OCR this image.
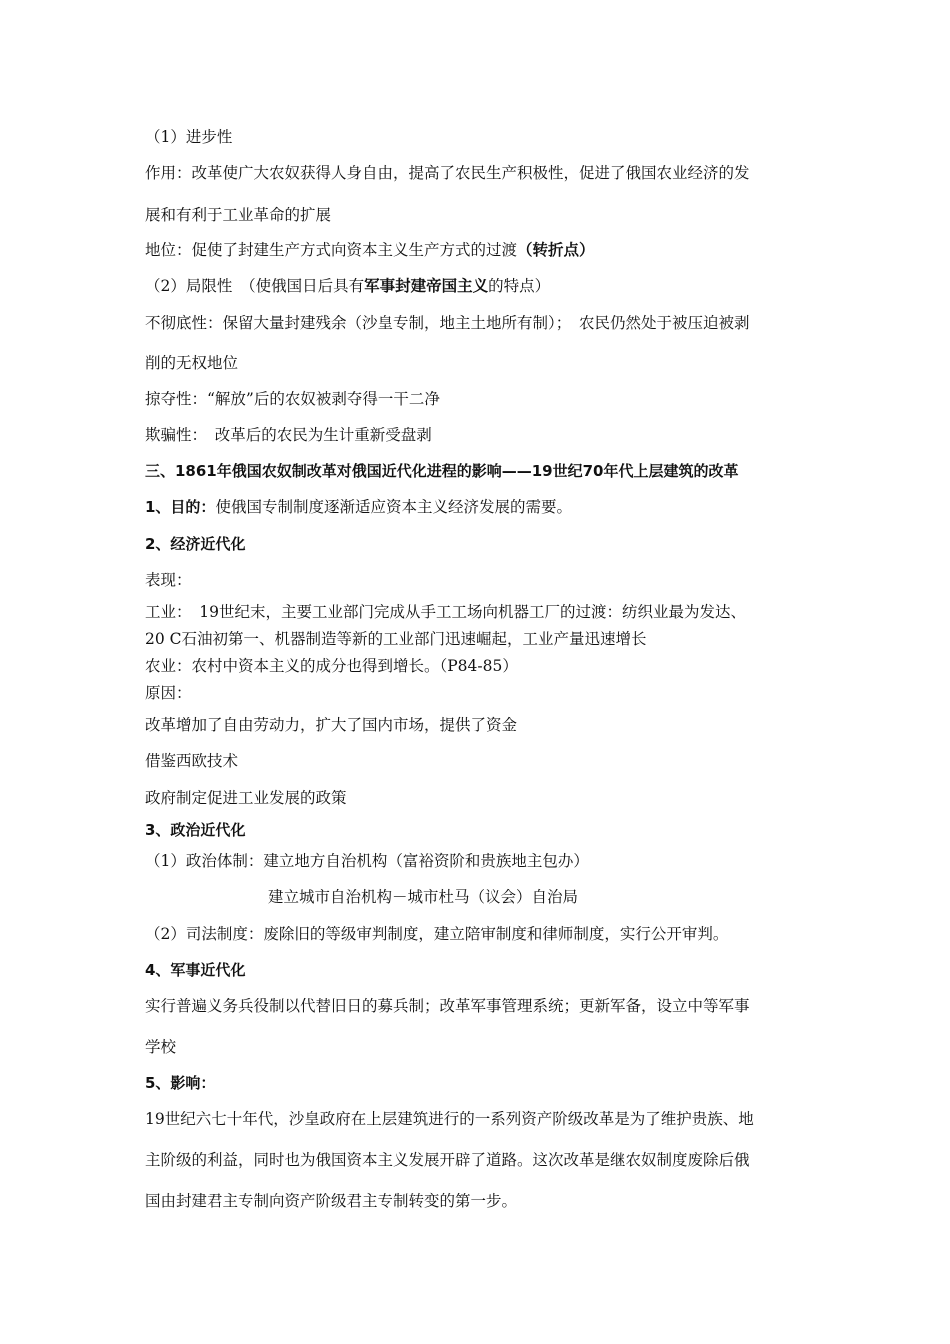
（1）进步性
作用：改革使广大农奴获得人身自由，提高了农民生产积极性，促进了俄国农业经济的发
展和有利于工业革命的扩展
地位：促使了封建生产方式向资本主义生产方式的过渡（转折点）
（2）局限性　（使俄国日后具有军事封建帝国主义的特点）
不彻底性：保留大量封建残余（沙皇专制，地主土地所有制）；　农民仍然处于被压迫被剥
削的无权地位
掠夺性：“解放”后的农奴被剥夺得一干二净
欺骗性：　改革后的农民为生计重新受盘剥
三、1861年俄国农奴制改革对俄国近代化进程的影响——19世纪70年代上层建筑的改革
1、目的：使俄国专制制度逐渐适应资本主义经济发展的需要。
2、经济近代化
表现：
工业：　19世纪末，主要工业部门完成从手工工场向机器工厂的过渡：纺织业最为发达、
20 C石油初第一、机器制造等新的工业部门迅速崛起，工业产量迅速增长
农业：农村中资本主义的成分也得到增长。（P84-85）
原因：
改革增加了自由劳动力，扩大了国内市场，提供了资金
借鉴西欧技术
政府制定促进工业发展的政策
3、政治近代化
（1）政治体制：建立地方自治机构（富裕资阶和贵族地主包办）
建立城市自治机构－城市杜马（议会）自治局
（2）司法制度：废除旧的等级审判制度，建立陪审制度和律师制度，实行公开审判。
4、军事近代化
实行普遍义务兵役制以代替旧日的募兵制；改革军事管理系统；更新军备，设立中等军事
学校
5、影响：
19世纪六七十年代，沙皇政府在上层建筑进行的一系列资产阶级改革是为了维护贵族、地
主阶级的利益，同时也为俄国资本主义发展开辟了道路。这次改革是继农奴制度废除后俄
国由封建君主专制向资产阶级君主专制转变的第一步。
